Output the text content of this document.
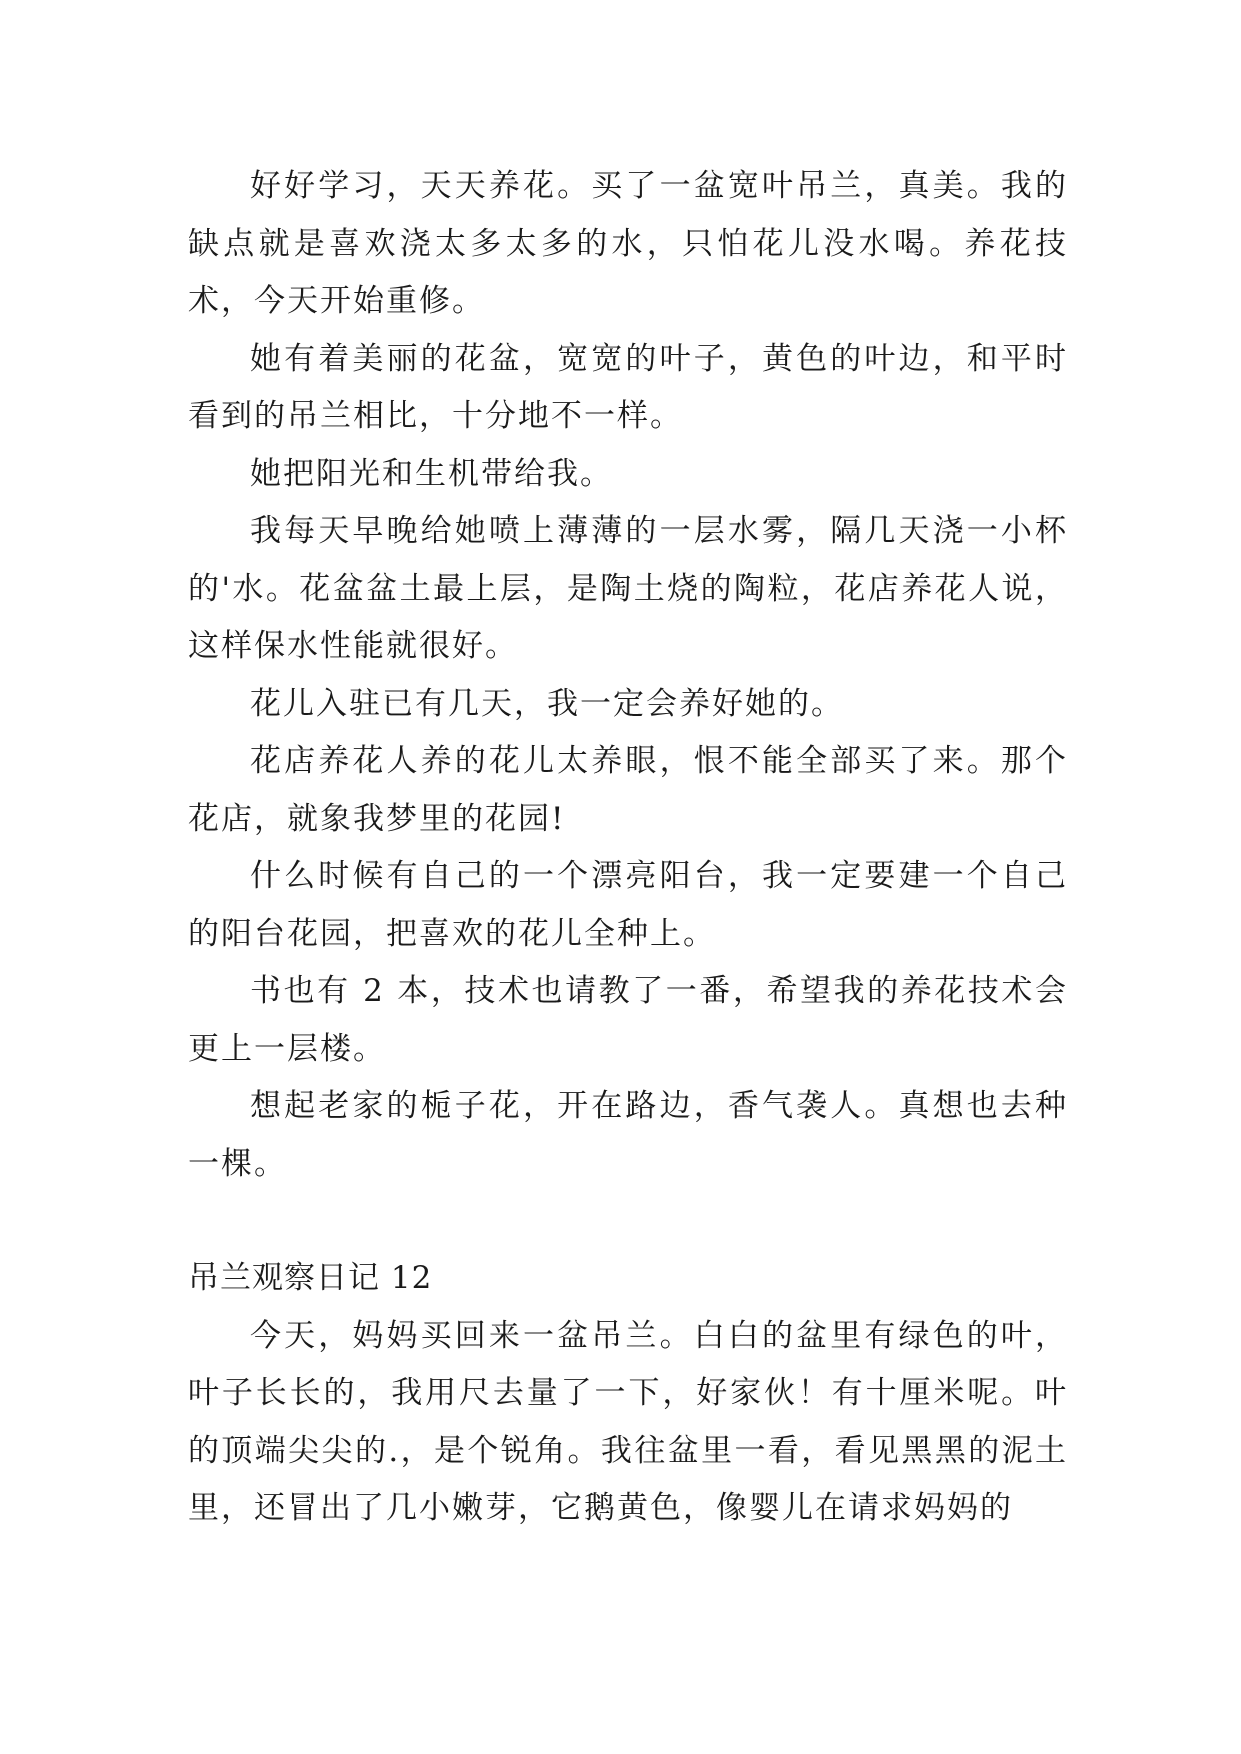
好好学习，天天养花。买了一盆宽叶吊兰，真美。我的缺点就是喜欢浇太多太多的水，只怕花儿没水喝。养花技术，今天开始重修。

她有着美丽的花盆，宽宽的叶子，黄色的叶边，和平时看到的吊兰相比，十分地不一样。

她把阳光和生机带给我。

我每天早晚给她喷上薄薄的一层水雾，隔几天浇一小杯的'水。花盆盆土最上层，是陶土烧的陶粒，花店养花人说，这样保水性能就很好。

花儿入驻已有几天，我一定会养好她的。

花店养花人养的花儿太养眼，恨不能全部买了来。那个花店，就象我梦里的花园!

什么时候有自己的一个漂亮阳台，我一定要建一个自己的阳台花园，把喜欢的花儿全种上。

书也有 2 本，技术也请教了一番，希望我的养花技术会更上一层楼。

想起老家的栀子花，开在路边，香气袭人。真想也去种一棵。

吊兰观察日记 12

今天，妈妈买回来一盆吊兰。白白的盆里有绿色的叶，叶子长长的，我用尺去量了一下，好家伙！有十厘米呢。叶的顶端尖尖的.，是个锐角。我往盆里一看，看见黑黑的泥土里，还冒出了几小嫩芽，它鹅黄色，像婴儿在请求妈妈的
